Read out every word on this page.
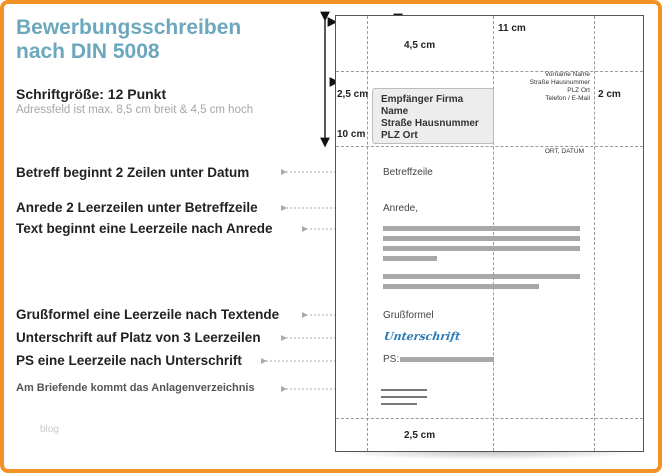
Bewerbungsschreiben
nach DIN 5008
Schriftgröße: 12 Punkt
Adressfeld ist max. 8,5 cm breit & 4,5 cm hoch
Betreff beginnt 2 Zeilen unter Datum
Anrede 2 Leerzeilen unter Betreffzeile
Text beginnt eine Leerzeile nach Anrede
Grußformel eine Leerzeile nach Textende
Unterschrift auf Platz von 3 Leerzeilen
PS eine Leerzeile nach Unterschrift
Am Briefende kommt das Anlagenverzeichnis
blog
11 cm
4,5 cm
2,5 cm	2 cm
10 cm
2,5 cm
Vorname Name
Straße Hausnummer
PLZ Ort
Telefon / E-Mail
Empfänger Firma
Name
Straße Hausnummer
PLZ Ort
ORT, DATUM
Betreffzeile
Anrede,
Grußformel
Unterschrift
PS:
